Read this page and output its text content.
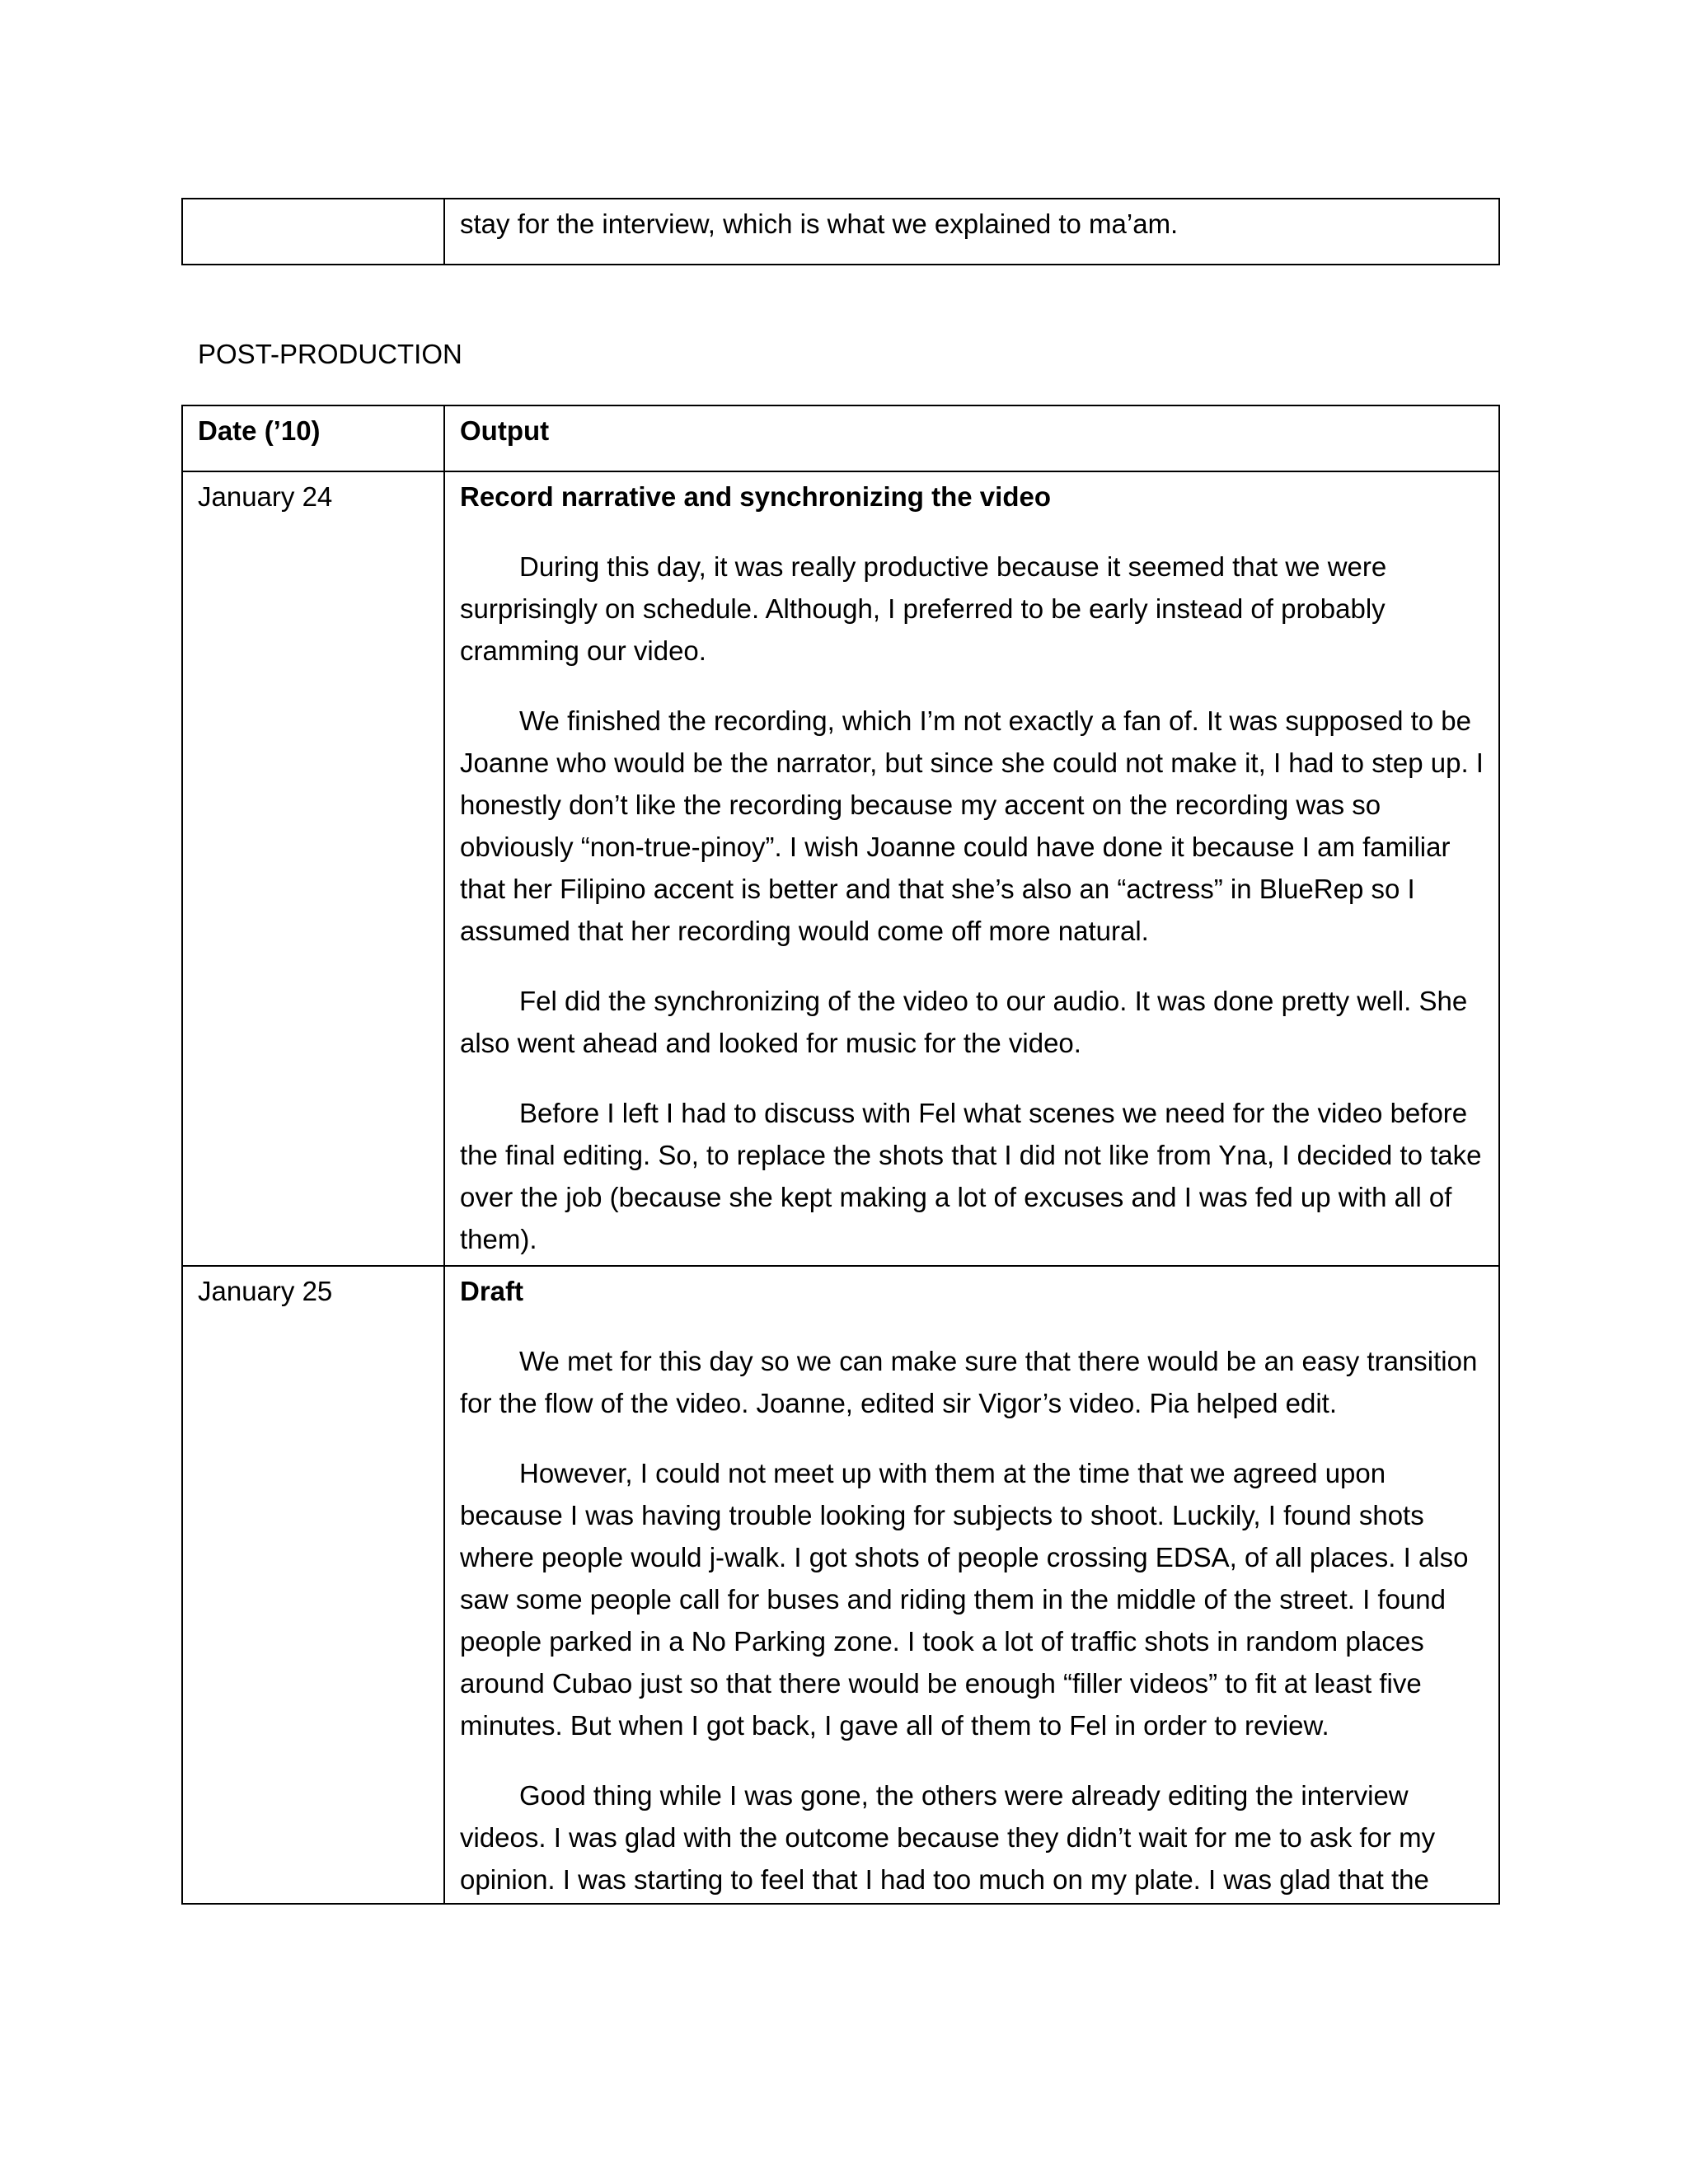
	stay for the interview, which is what we explained to ma’am.
POST-PRODUCTION
Date (’10)	Output
January 24	Record narrative and synchronizing the video

During this day, it was really productive because it seemed that we were surprisingly on schedule. Although, I preferred to be early instead of probably cramming our video.

We finished the recording, which I’m not exactly a fan of. It was supposed to be Joanne who would be the narrator, but since she could not make it, I had to step up. I honestly don’t like the recording because my accent on the recording was so obviously “non-true-pinoy”. I wish Joanne could have done it because I am familiar that her Filipino accent is better and that she’s also an “actress” in BlueRep so I assumed that her recording would come off more natural.

Fel did the synchronizing of the video to our audio. It was done pretty well. She also went ahead and looked for music for the video.

Before I left I had to discuss with Fel what scenes we need for the video before the final editing. So, to replace the shots that I did not like from Yna, I decided to take over the job (because she kept making a lot of excuses and I was fed up with all of them).

January 25	Draft

We met for this day so we can make sure that there would be an easy transition for the flow of the video. Joanne, edited sir Vigor’s video. Pia helped edit.

However, I could not meet up with them at the time that we agreed upon because I was having trouble looking for subjects to shoot. Luckily, I found shots where people would j-walk. I got shots of people crossing EDSA, of all places. I also saw some people call for buses and riding them in the middle of the street. I found people parked in a No Parking zone. I took a lot of traffic shots in random places around Cubao just so that there would be enough “filler videos” to fit at least five minutes. But when I got back, I gave all of them to Fel in order to review.

Good thing while I was gone, the others were already editing the interview videos. I was glad with the outcome because they didn’t wait for me to ask for my opinion. I was starting to feel that I had too much on my plate. I was glad that the
